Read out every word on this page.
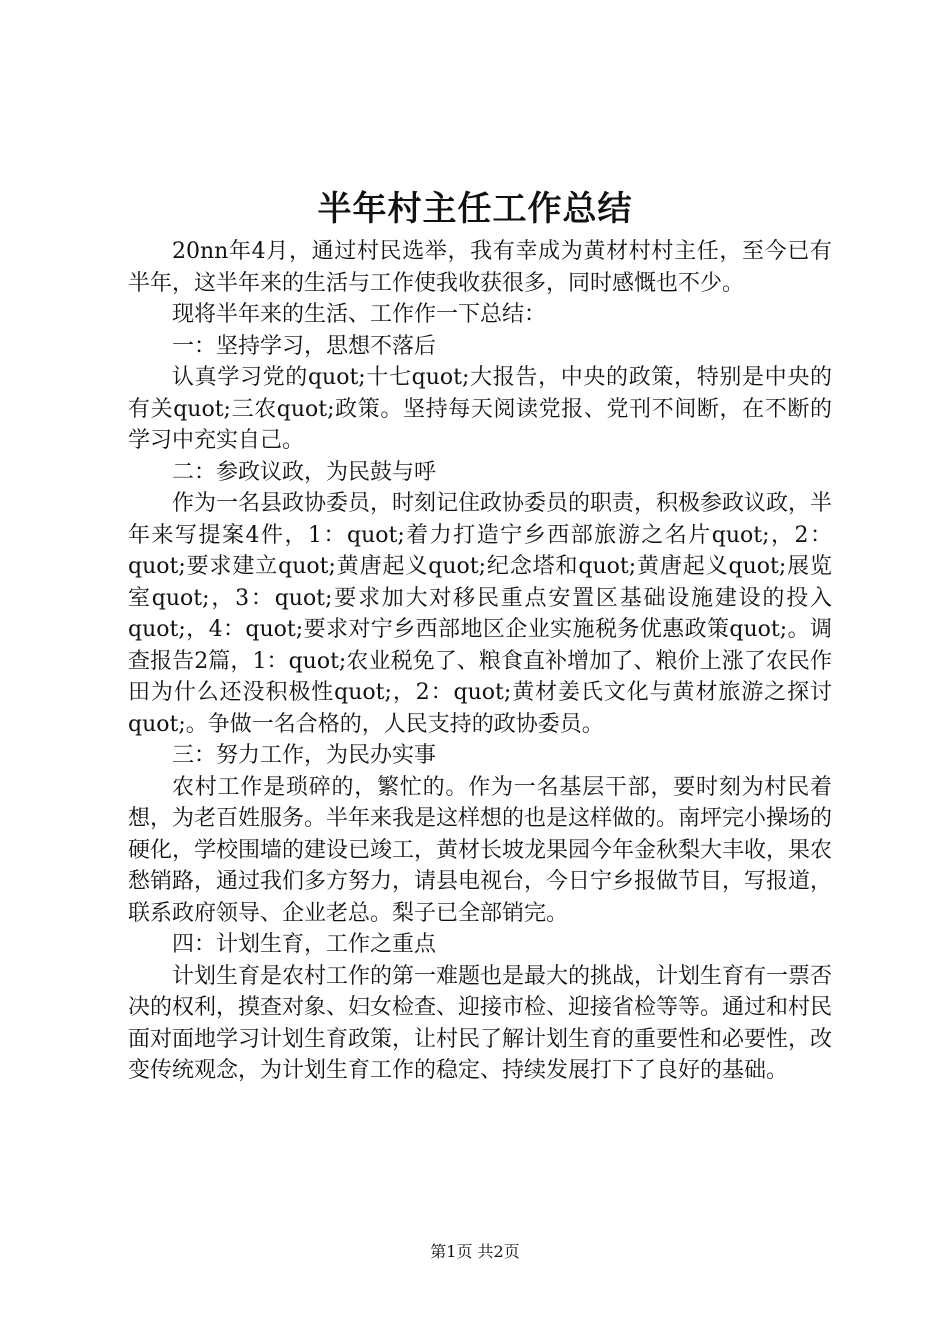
半年村主任工作总结

20nn年4月，通过村民选举，我有幸成为黄材村村主任，至今已有半年，这半年来的生活与工作使我收获很多，同时感慨也不少。

现将半年来的生活、工作作一下总结：

一：坚持学习，思想不落后

认真学习党的quot;十七quot;大报告，中央的政策，特别是中央的有关quot;三农quot;政策。坚持每天阅读党报、党刊不间断，在不断的学习中充实自己。

二：参政议政，为民鼓与呼

作为一名县政协委员，时刻记住政协委员的职责，积极参政议政，半年来写提案4件，1：quot;着力打造宁乡西部旅游之名片quot;，2：quot;要求建立quot;黄唐起义quot;纪念塔和quot;黄唐起义quot;展览室quot;，3：quot;要求加大对移民重点安置区基础设施建设的投入quot;，4：quot;要求对宁乡西部地区企业实施税务优惠政策quot;。调查报告2篇，1：quot;农业税免了、粮食直补增加了、粮价上涨了农民作田为什么还没积极性quot;，2：quot;黄材姜氏文化与黄材旅游之探讨quot;。争做一名合格的，人民支持的政协委员。

三：努力工作，为民办实事

农村工作是琐碎的，繁忙的。作为一名基层干部，要时刻为村民着想，为老百姓服务。半年来我是这样想的也是这样做的。南坪完小操场的硬化，学校围墙的建设已竣工，黄材长坡龙果园今年金秋梨大丰收，果农愁销路，通过我们多方努力，请县电视台，今日宁乡报做节目，写报道，联系政府领导、企业老总。梨子已全部销完。

四：计划生育，工作之重点

计划生育是农村工作的第一难题也是最大的挑战，计划生育有一票否决的权利，摸查对象、妇女检查、迎接市检、迎接省检等等。通过和村民面对面地学习计划生育政策，让村民了解计划生育的重要性和必要性，改变传统观念，为计划生育工作的稳定、持续发展打下了良好的基础。

第1页 共2页
